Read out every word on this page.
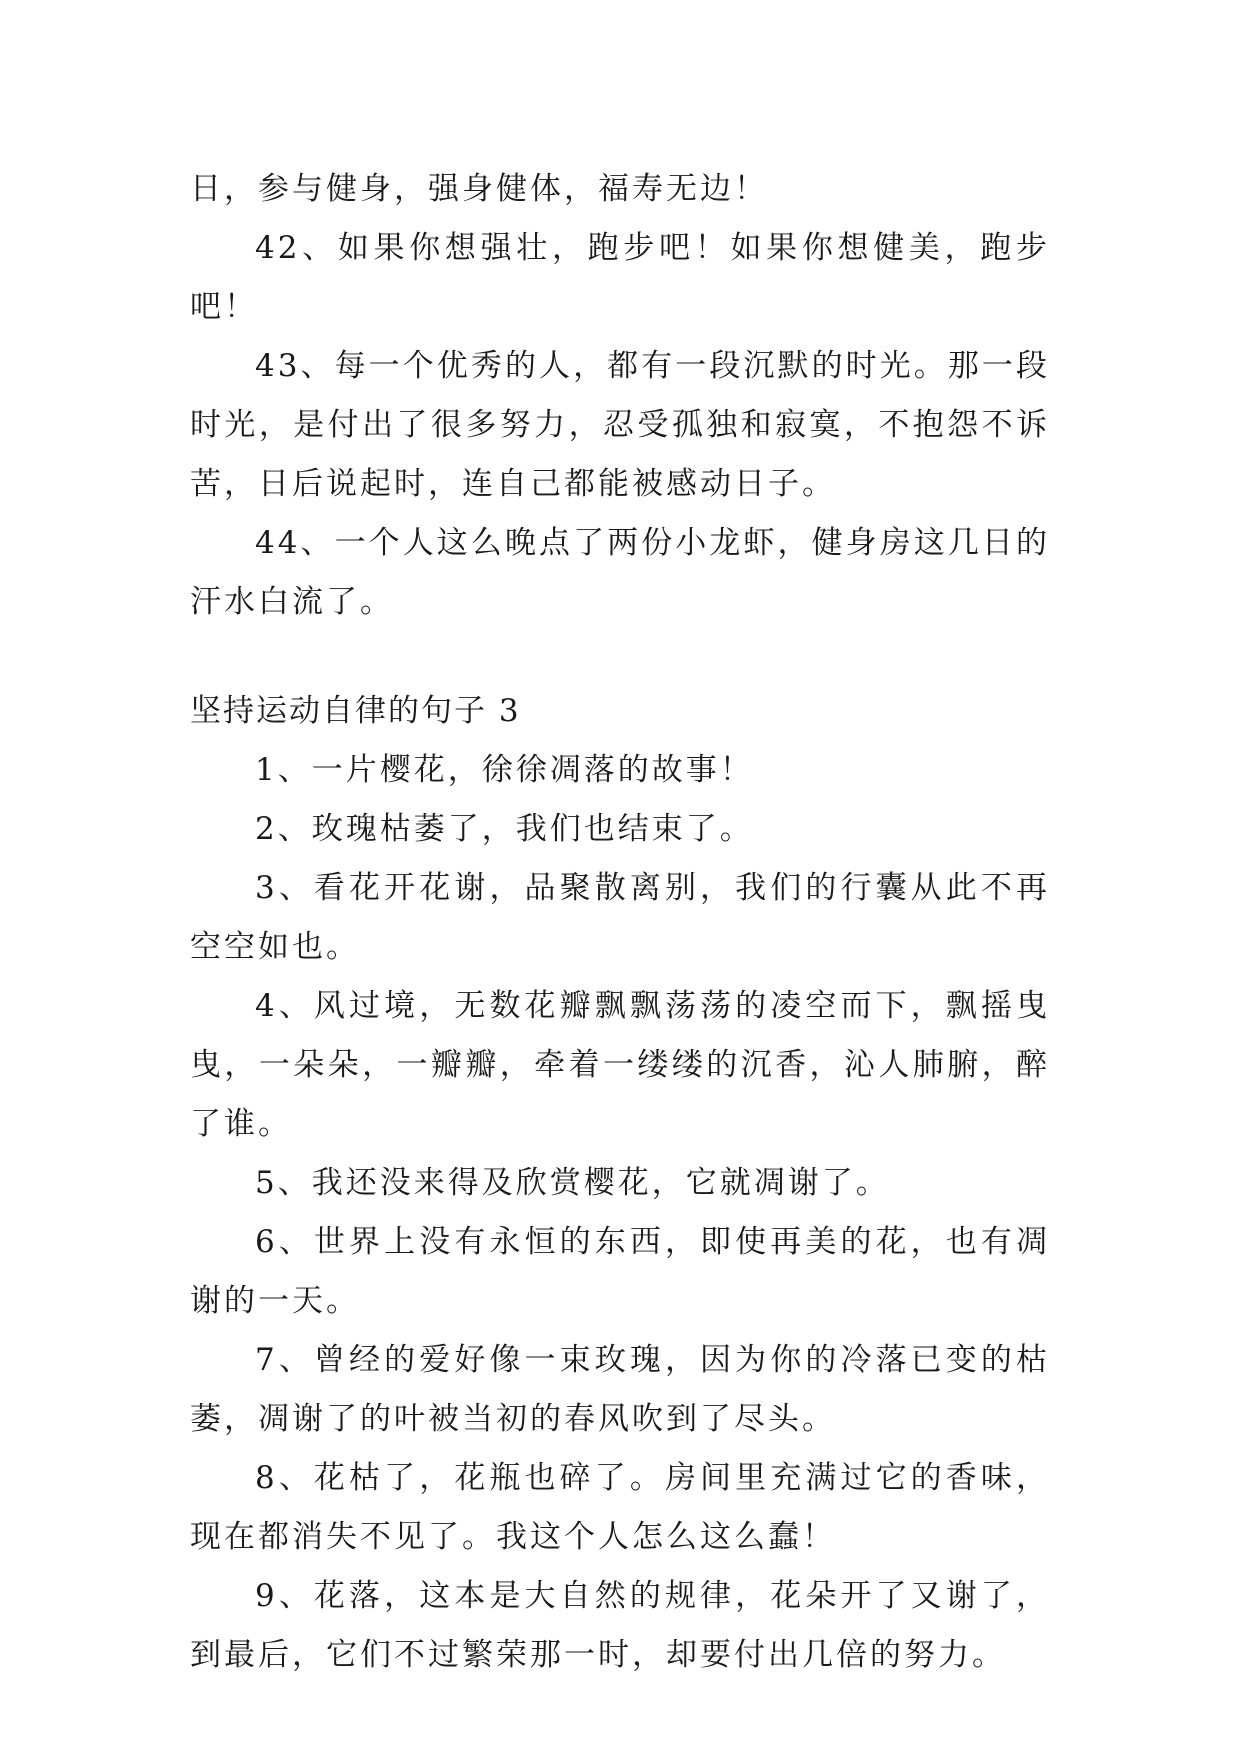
日，参与健身，强身健体，福寿无边！

42、如果你想强壮，跑步吧！如果你想健美，跑步吧！

43、每一个优秀的人，都有一段沉默的时光。那一段时光，是付出了很多努力，忍受孤独和寂寞，不抱怨不诉苦，日后说起时，连自己都能被感动日子。

44、一个人这么晚点了两份小龙虾，健身房这几日的汗水白流了。

坚持运动自律的句子 3

1、一片樱花，徐徐凋落的故事！

2、玫瑰枯萎了，我们也结束了。

3、看花开花谢，品聚散离别，我们的行囊从此不再空空如也。

4、风过境，无数花瓣飘飘荡荡的凌空而下，飘摇曳曳，一朵朵，一瓣瓣，牵着一缕缕的沉香，沁人肺腑，醉了谁。

5、我还没来得及欣赏樱花，它就凋谢了。

6、世界上没有永恒的东西，即使再美的花，也有凋谢的一天。

7、曾经的爱好像一束玫瑰，因为你的冷落已变的枯萎，凋谢了的叶被当初的春风吹到了尽头。

8、花枯了，花瓶也碎了。房间里充满过它的香味，现在都消失不见了。我这个人怎么这么蠢！

9、花落，这本是大自然的规律，花朵开了又谢了，到最后，它们不过繁荣那一时，却要付出几倍的努力。
